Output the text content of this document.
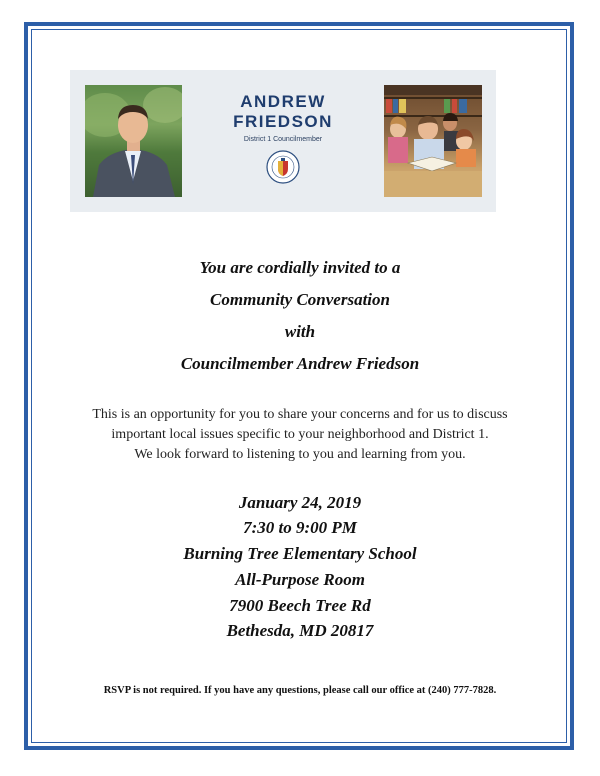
ANDREW
FRIEDSON
District 1 Councilmember
You are cordially invited to a
Community Conversation
with
Councilmember Andrew Friedson
This is an opportunity for you to share your concerns and for us to discuss
important local issues specific to your neighborhood and District 1.
We look forward to listening to you and learning from you.
January 24, 2019
7:30 to 9:00 PM
Burning Tree Elementary School
All-Purpose Room
7900 Beech Tree Rd
Bethesda, MD 20817
RSVP is not required. If you have any questions, please call our office at (240) 777-7828.
